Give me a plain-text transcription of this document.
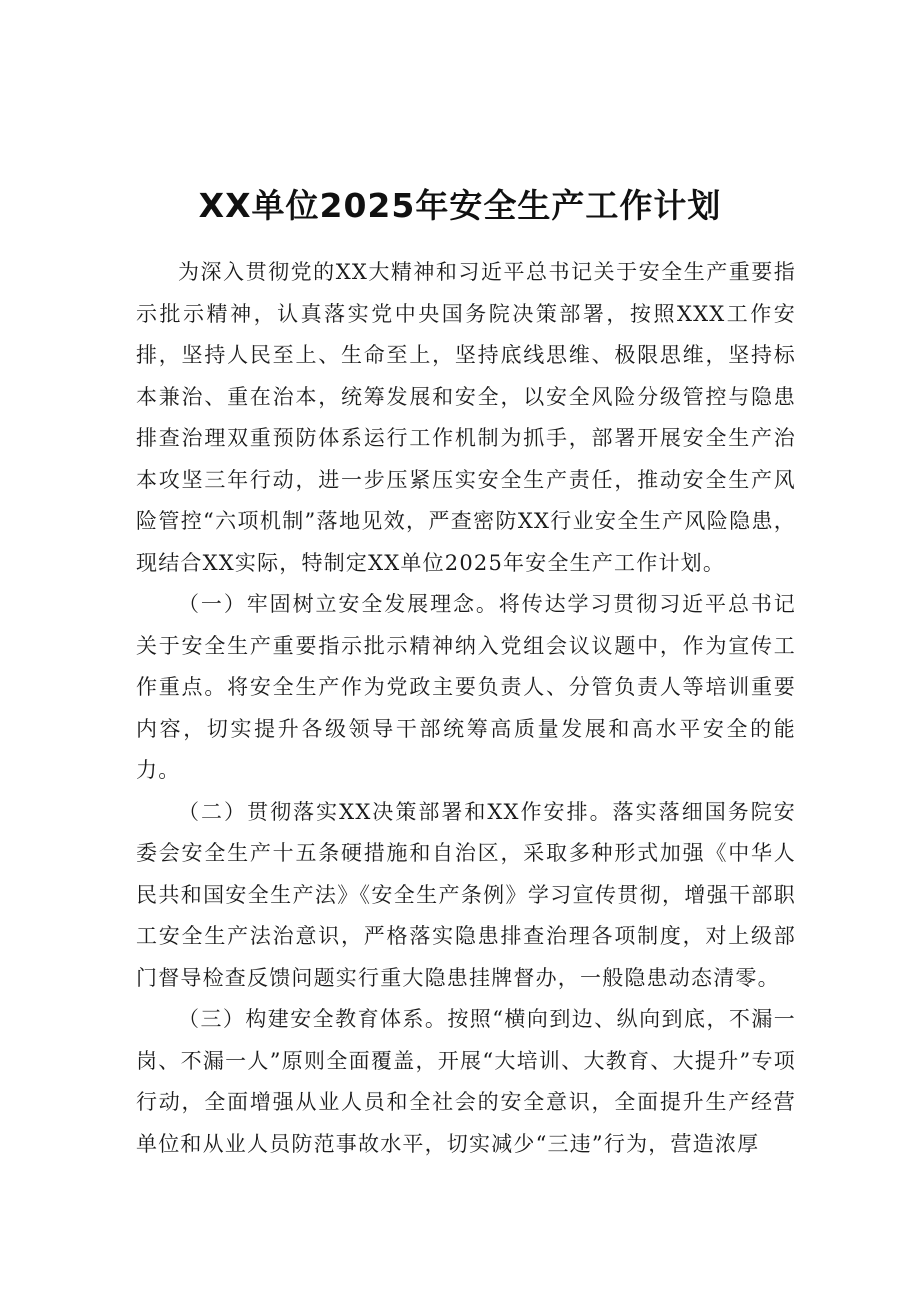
XX单位2025年安全生产工作计划

为深入贯彻党的XX大精神和习近平总书记关于安全生产重要指示批示精神，认真落实党中央国务院决策部署，按照XXX工作安排，坚持人民至上、生命至上，坚持底线思维、极限思维，坚持标本兼治、重在治本，统筹发展和安全，以安全风险分级管控与隐患排查治理双重预防体系运行工作机制为抓手，部署开展安全生产治本攻坚三年行动，进一步压紧压实安全生产责任，推动安全生产风险管控“六项机制”落地见效，严查密防XX行业安全生产风险隐患，现结合XX实际，特制定XX单位2025年安全生产工作计划。

（一）牢固树立安全发展理念。将传达学习贯彻习近平总书记关于安全生产重要指示批示精神纳入党组会议议题中，作为宣传工作重点。将安全生产作为党政主要负责人、分管负责人等培训重要内容，切实提升各级领导干部统筹高质量发展和高水平安全的能力。

（二）贯彻落实XX决策部署和XX作安排。落实落细国务院安委会安全生产十五条硬措施和自治区，采取多种形式加强《中华人民共和国安全生产法》《安全生产条例》学习宣传贯彻，增强干部职工安全生产法治意识，严格落实隐患排查治理各项制度，对上级部门督导检查反馈问题实行重大隐患挂牌督办，一般隐患动态清零。

（三）构建安全教育体系。按照“横向到边、纵向到底，不漏一岗、不漏一人”原则全面覆盖，开展“大培训、大教育、大提升”专项行动，全面增强从业人员和全社会的安全意识，全面提升生产经营单位和从业人员防范事故水平，切实减少“三违”行为，营造浓厚
